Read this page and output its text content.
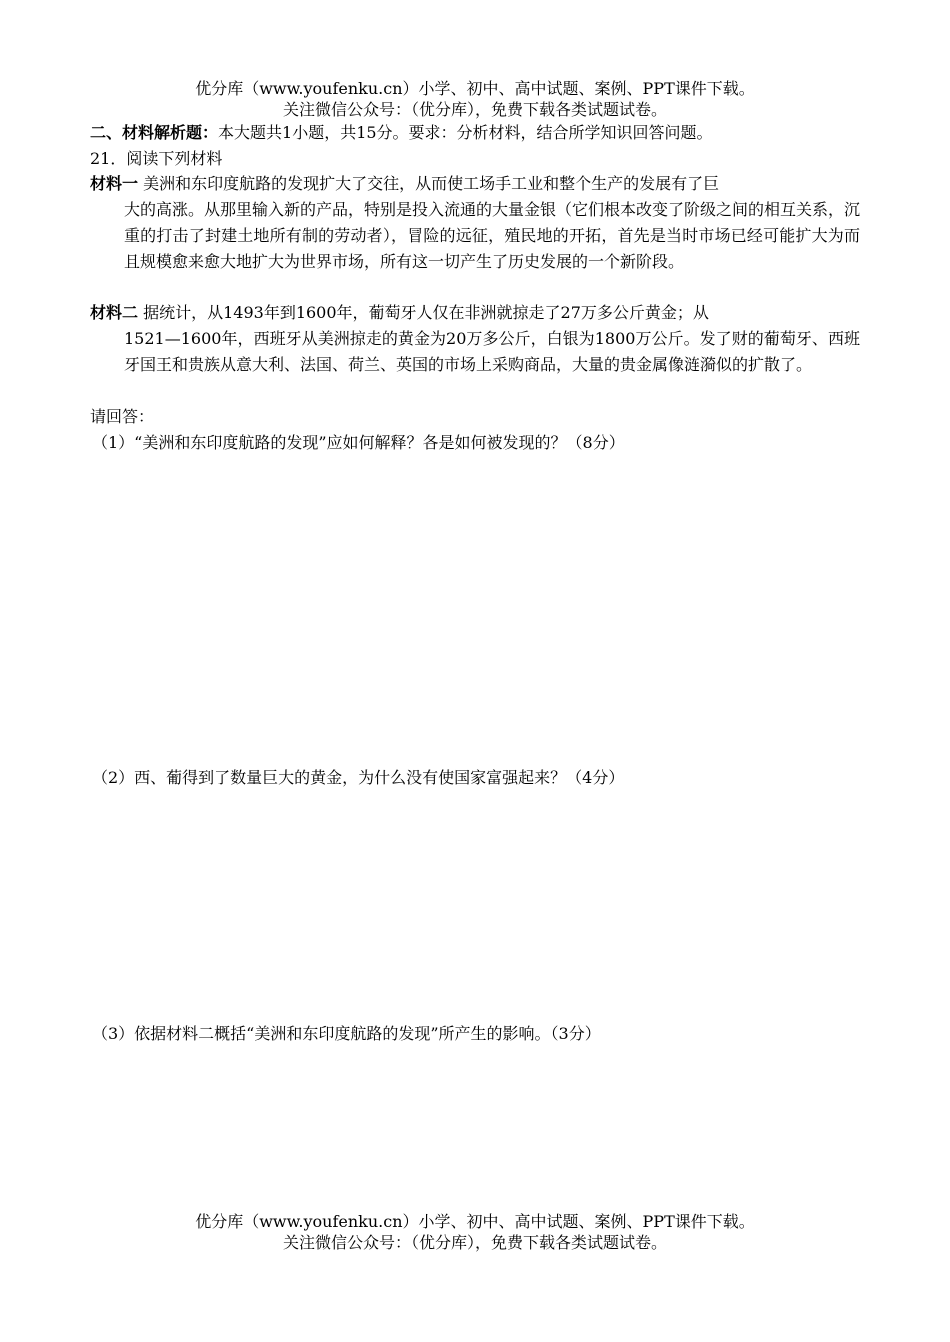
优分库（www.youfenku.cn）小学、初中、高中试题、案例、PPT课件下载。
关注微信公众号：（优分库），免费下载各类试题试卷。
二、材料解析题：本大题共1小题，共15分。要求：分析材料，结合所学知识回答问题。
21．阅读下列材料
材料一 美洲和东印度航路的发现扩大了交往，从而使工场手工业和整个生产的发展有了巨
大的高涨。从那里输入新的产品，特别是投入流通的大量金银（它们根本改变了阶级之间的相互关系，沉重的打击了封建土地所有制的劳动者），冒险的远征，殖民地的开拓，首先是当时市场已经可能扩大为而且规模愈来愈大地扩大为世界市场，所有这一切产生了历史发展的一个新阶段。
材料二 据统计，从1493年到1600年，葡萄牙人仅在非洲就掠走了27万多公斤黄金；从
1521—1600年，西班牙从美洲掠走的黄金为20万多公斤，白银为1800万公斤。发了财的葡萄牙、西班牙国王和贵族从意大利、法国、荷兰、英国的市场上采购商品，大量的贵金属像涟漪似的扩散了。
请回答：
（1）“美洲和东印度航路的发现”应如何解释？各是如何被发现的？（8分）
（2）西、葡得到了数量巨大的黄金，为什么没有使国家富强起来？（4分）
（3）依据材料二概括“美洲和东印度航路的发现”所产生的影响。（3分）
优分库（www.youfenku.cn）小学、初中、高中试题、案例、PPT课件下载。
关注微信公众号：（优分库），免费下载各类试题试卷。
